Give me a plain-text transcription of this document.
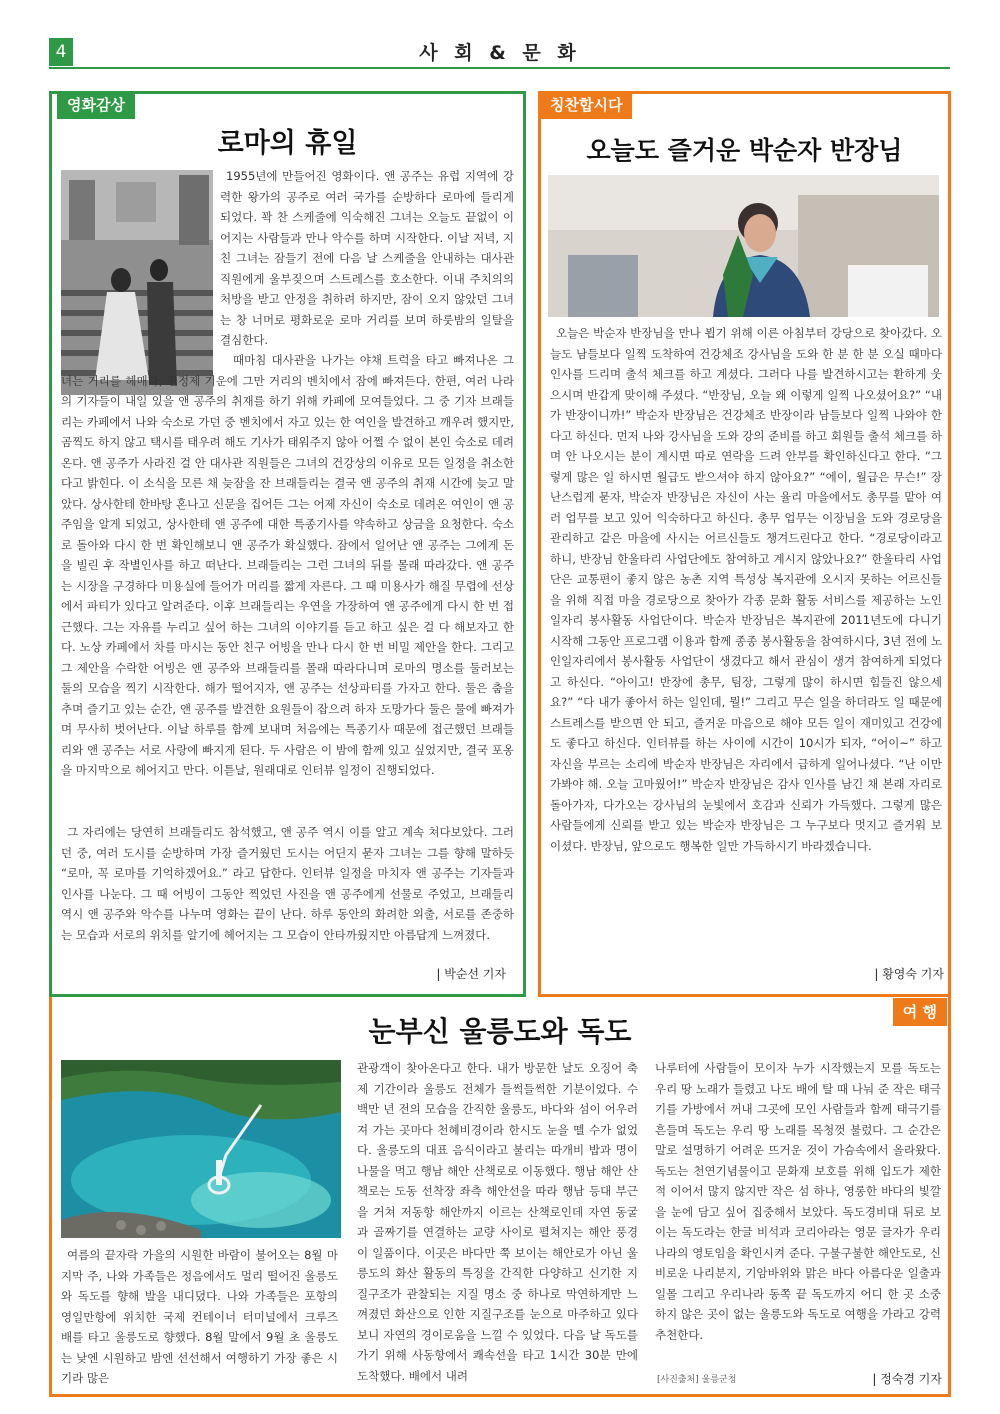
4	사 회 & 문 화
영화감상
로마의 휴일
1955년에 만들어진 영화이다. 앤 공주는 유럽 지역에 강력한 왕가의 공주로 여러 국가를 순방하다 로마에 들리게 되었다. 꽉 찬 스케줄에 익숙해진 그녀는 오늘도 끝없이 이어지는 사람들과 만나 악수를 하며 시작한다. 이날 저녁, 지친 그녀는 잠들기 전에 다음 날 스케줄을 안내하는 대사관 직원에게 울부짖으며 스트레스를 호소한다. 이내 주치의의 처방을 받고 안정을 취하려 하지만, 잠이 오지 않았던 그녀는 창 너머로 평화로운 로마 거리를 보며 하룻밤의 일탈을 결심한다.
때마침 대사관을 나가는 야채 트럭을 타고 빠져나온 그녀는 거리를 헤매다, 진정제 기운에 그만 거리의 벤치에서 잠에 빠져든다. 한편, 여러 나라의 기자들이 내일 있을 앤 공주의 취재를 하기 위해 카페에 모여들었다. 그 중 기자 브래들리는 카페에서 나와 숙소로 가던 중 벤치에서 자고 있는 한 여인을 발견하고 깨우려 했지만, 곰찍도 하지 않고 택시를 태우려 해도 기사가 태워주지 않아 어쩔 수 없이 본인 숙소로 데려온다. 앤 공주가 사라진 걸 안 대사관 직원들은 그녀의 건강상의 이유로 모든 일정을 취소한다고 밝힌다. 이 소식을 모른 채 늦잠을 잔 브래들리는 결국 앤 공주의 취재 시간에 늦고 말았다. 상사한테 한바탕 혼나고 신문을 집어든 그는 어제 자신이 숙소로 데려온 여인이 앤 공주임을 알게 되었고, 상사한테 앤 공주에 대한 특종기사를 약속하고 상금을 요청한다. 숙소로 돌아와 다시 한 번 확인해보니 앤 공주가 확실했다. 잠에서 일어난 앤 공주는 그에게 돈을 빌린 후 작별인사를 하고 떠난다. 브래들리는 그런 그녀의 뒤를 몰래 따라갔다. 앤 공주는 시장을 구경하다 미용실에 들어가 머리를 짧게 자른다. 그 때 미용사가 해질 무렵에 선상에서 파티가 있다고 알려준다. 이후 브래들리는 우연을 가장하여 앤 공주에게 다시 한 번 접근했다. 그는 자유를 누리고 싶어 하는 그녀의 이야기를 듣고 하고 싶은 걸 다 해보자고 한다. 노상 카페에서 차를 마시는 동안 친구 어빙을 만나 다시 한 번 비밀 제안을 한다. 그리고 그 제안을 수락한 어빙은 앤 공주와 브래들리를 몰래 따라다니며 로마의 명소를 둘러보는 둘의 모습을 찍기 시작한다. 해가 떨어지자, 앤 공주는 선상파티를 가자고 한다. 둘은 춤을 추며 즐기고 있는 순간, 앤 공주를 발견한 요원들이 잡으려 하자 도망가다 둘은 물에 빠져가며 무사히 벗어난다. 이날 하루를 함께 보내며 처음에는 특종기사 때문에 접근했던 브래들리와 앤 공주는 서로 사랑에 빠지게 된다. 두 사람은 이 밤에 함께 있고 싶었지만, 결국 포옹을 마지막으로 헤어지고 만다. 이튿날, 원래대로 인터뷰 일정이 진행되었다.
그 자리에는 당연히 브래들리도 참석했고, 앤 공주 역시 이를 알고 계속 쳐다보았다. 그러던 중, 여러 도시를 순방하며 가장 즐거웠던 도시는 어딘지 묻자 그녀는 그를 향해 말하듯 “로마, 꼭 로마를 기억하겠어요.” 라고 답한다. 인터뷰 일정을 마치자 앤 공주는 기자들과 인사를 나눈다. 그 때 어빙이 그동안 찍었던 사진을 앤 공주에게 선물로 주었고, 브래들리 역시 앤 공주와 악수를 나누며 영화는 끝이 난다. 하루 동안의 화려한 외출, 서로를 존중하는 모습과 서로의 위치를 알기에 헤어지는 그 모습이 안타까웠지만 아름답게 느껴졌다.
| 박순선 기자
칭찬합시다
오늘도 즐거운 박순자 반장님
오늘은 박순자 반장님을 만나 뵙기 위해 이른 아침부터 강당으로 찾아갔다. 오늘도 남들보다 일찍 도착하여 건강체조 강사님을 도와 한 분 한 분 오실 때마다 인사를 드리며 출석 체크를 하고 계셨다. 그러다 나를 발견하시고는 환하게 웃으시며 반갑게 맞이해 주셨다. “반장님, 오늘 왜 이렇게 일찍 나오셨어요?” “내가 반장이니까!” 박순자 반장님은 건강체조 반장이라 남들보다 일찍 나와야 한다고 하신다. 먼저 나와 강사님을 도와 강의 준비를 하고 회원들 출석 체크를 하며 안 나오시는 분이 계시면 따로 연락을 드려 안부를 확인하신다고 한다. “그렇게 많은 일 하시면 월급도 받으셔야 하지 않아요?” “에이, 월급은 무슨!” 장난스럽게 묻자, 박순자 반장님은 자신이 사는 율리 마을에서도 총무를 맡아 여러 업무를 보고 있어 익숙하다고 하신다. 총무 업무는 이장님을 도와 경로당을 관리하고 같은 마을에 사시는 어르신들도 챙겨드린다고 한다. “경로당이라고 하니, 반장님 한울타리 사업단에도 참여하고 계시지 않았나요?” 한울타리 사업단은 교통편이 좋지 않은 농촌 지역 특성상 복지관에 오시지 못하는 어르신들을 위해 직접 마을 경로당으로 찾아가 각종 문화 활동 서비스를 제공하는 노인일자리 봉사활동 사업단이다. 박순자 반장님은 복지관에 2011년도에 다니기 시작해 그동안 프로그램 이용과 함께 종종 봉사활동을 참여하시다, 3년 전에 노인일자리에서 봉사활동 사업단이 생겼다고 해서 관심이 생겨 참여하게 되었다고 하신다. “아이고! 반장에 총무, 팀장, 그렇게 많이 하시면 힘들진 않으세요?” “다 내가 좋아서 하는 일인데, 뭘!” 그리고 무슨 일을 하더라도 일 때문에 스트레스를 받으면 안 되고, 즐거운 마음으로 해야 모든 일이 재미있고 건강에도 좋다고 하신다. 인터뷰를 하는 사이에 시간이 10시가 되자, “어이~” 하고 자신을 부르는 소리에 박순자 반장님은 자리에서 급하게 일어나셨다. “난 이만 가봐야 해. 오늘 고마웠어!” 박순자 반장님은 감사 인사를 남긴 채 본래 자리로 돌아가자, 다가오는 강사님의 눈빛에서 호감과 신뢰가 가득했다. 그렇게 많은 사람들에게 신뢰를 받고 있는 박순자 반장님은 그 누구보다 멋지고 즐거워 보이셨다. 반장님, 앞으로도 행복한 일만 가득하시기 바라겠습니다.
| 황영숙 기자
여 행
눈부신 울릉도와 독도
여름의 끝자락 가을의 시원한 바람이 불어오는 8월 마지막 주, 나와 가족들은 정음에서도 멀리 떨어진 울릉도와 독도를 향해 발을 내디뎠다. 나와 가족들은 포항의 영일만항에 위치한 국제 컨테이너 터미널에서 크루즈 배를 타고 울릉도로 향했다. 8월 말에서 9월 초 울릉도는 낮엔 시원하고 밤엔 선선해서 여행하기 가장 좋은 시기라 많은
관광객이 찾아온다고 한다. 내가 방문한 날도 오징어 축제 기간이라 울릉도 전체가 들썩들썩한 기분이었다. 수백만 년 전의 모습을 간직한 울릉도, 바다와 섬이 어우러져 가는 곳마다 천혜비경이라 한시도 눈을 뗄 수가 없었다. 울릉도의 대표 음식이라고 불리는 따개비 밥과 명이나물을 먹고 행남 해안 산책로로 이동했다. 행남 해안 산책로는 도동 선착장 좌측 해안선을 따라 행남 등대 부근을 거쳐 저동항 해안까지 이르는 산책로인데 자연 동굴과 골짜기를 연결하는 교량 사이로 펼쳐지는 해안 풍경이 일품이다. 이곳은 바다만 쭉 보이는 해안로가 아닌 울릉도의 화산 활동의 특징을 간직한 다양하고 신기한 지질구조가 관찰되는 지질 명소 중 하나로 막연하게만 느껴졌던 화산으로 인한 지질구조를 눈으로 마주하고 있다 보니 자연의 경이로움을 느낄 수 있었다. 다음 날 독도를 가기 위해 사동항에서 쾌속선을 타고 1시간 30분 만에 도착했다. 배에서 내려
나루터에 사람들이 모이자 누가 시작했는지 모를 독도는 우리 땅 노래가 들렸고 나도 배에 탈 때 나눠 준 작은 태극기를 가방에서 꺼내 그곳에 모인 사람들과 함께 태극기를 흔들며 독도는 우리 땅 노래를 목청껏 불렀다. 그 순간은 말로 설명하기 어려운 뜨거운 것이 가슴속에서 올라왔다. 독도는 천연기념물이고 문화재 보호를 위해 입도가 제한적 이어서 많지 않지만 작은 섬 하나, 영롱한 바다의 빛깔을 눈에 담고 싶어 집중해서 보았다. 독도경비대 뒤로 보이는 독도라는 한글 비석과 코리아라는 영문 글자가 우리나라의 영토임을 확인시켜 준다. 구불구불한 해안도로, 신비로운 나리분지, 기암바위와 맑은 바다 아름다운 일출과 일몰 그리고 우리나라 동쪽 끝 독도까지 어디 한 곳 소중하지 않은 곳이 없는 울릉도와 독도로 여행을 가라고 강력 추천한다.
[사진출처] 울릉군청	| 정숙경 기자
